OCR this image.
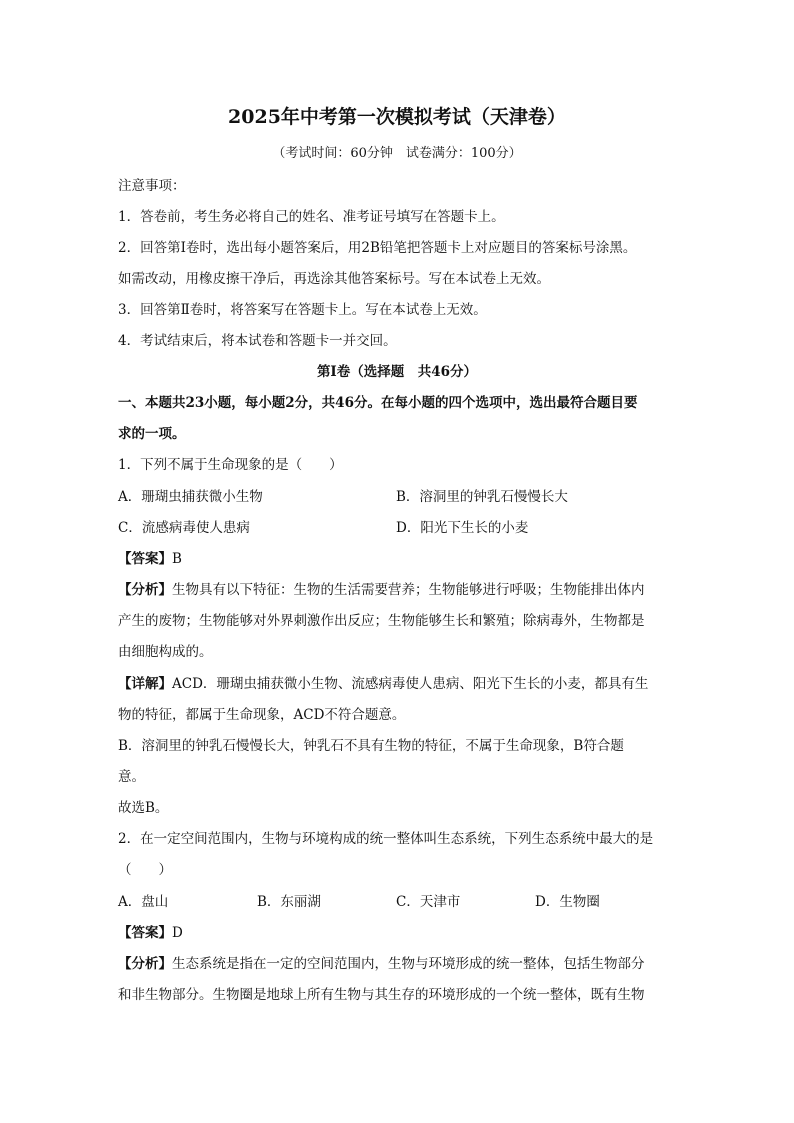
2025年中考第一次模拟考试（天津卷）
（考试时间：60分钟　试卷满分：100分）
注意事项：
1．答卷前，考生务必将自己的姓名、准考证号填写在答题卡上。
2．回答第Ⅰ卷时，选出每小题答案后，用2B铅笔把答题卡上对应题目的答案标号涂黑。
如需改动，用橡皮擦干净后，再选涂其他答案标号。写在本试卷上无效。
3．回答第Ⅱ卷时，将答案写在答题卡上。写在本试卷上无效。
4．考试结束后，将本试卷和答题卡一并交回。
第Ⅰ卷（选择题　共46分）
一、本题共23小题，每小题2分，共46分。在每小题的四个选项中，选出最符合题目要
求的一项。
1．下列不属于生命现象的是（　　）
A．珊瑚虫捕获微小生物	B．溶洞里的钟乳石慢慢长大
C．流感病毒使人患病	D．阳光下生长的小麦
【答案】B
【分析】生物具有以下特征：生物的生活需要营养；生物能够进行呼吸；生物能排出体内
产生的废物；生物能够对外界刺激作出反应；生物能够生长和繁殖；除病毒外，生物都是
由细胞构成的。
【详解】ACD．珊瑚虫捕获微小生物、流感病毒使人患病、阳光下生长的小麦，都具有生
物的特征，都属于生命现象，ACD不符合题意。
B．溶洞里的钟乳石慢慢长大，钟乳石不具有生物的特征，不属于生命现象，B符合题
意。
故选B。
2．在一定空间范围内，生物与环境构成的统一整体叫生态系统，下列生态系统中最大的是
（　　）
A．盘山	B．东丽湖	C．天津市	D．生物圈
【答案】D
【分析】生态系统是指在一定的空间范围内，生物与环境形成的统一整体，包括生物部分
和非生物部分。生物圈是地球上所有生物与其生存的环境形成的一个统一整体，既有生物
